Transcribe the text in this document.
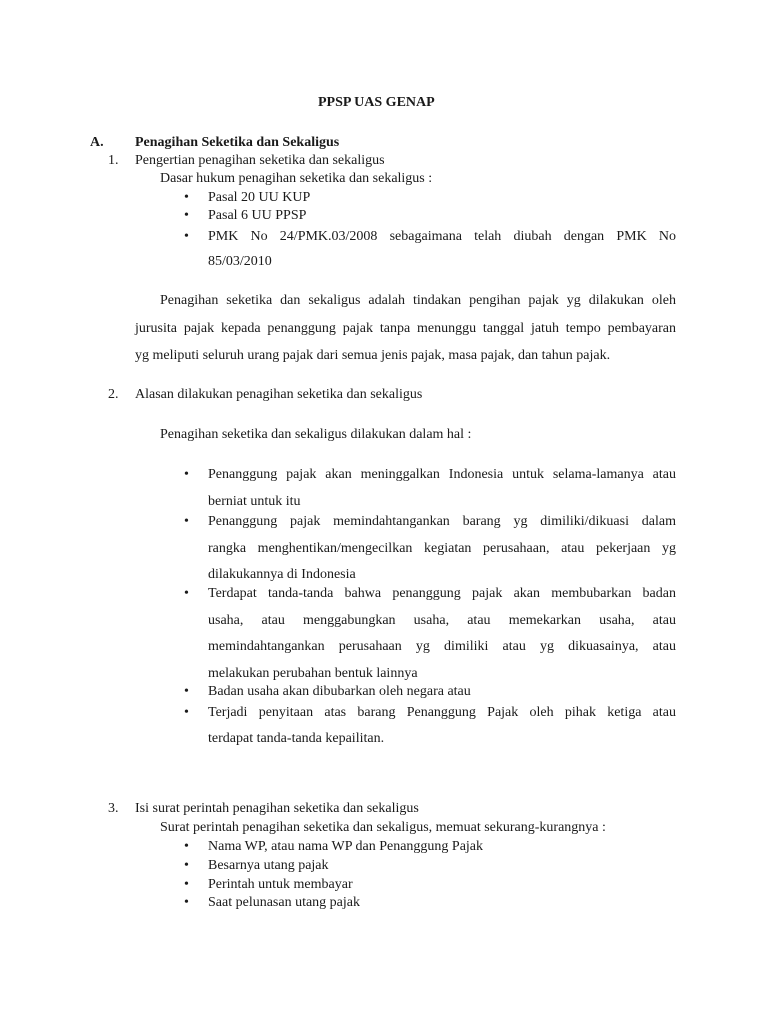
PPSP UAS GENAP
A. Penagihan Seketika dan Sekaligus
1. Pengertian penagihan seketika dan sekaligus
Dasar hukum penagihan seketika dan sekaligus :
• Pasal 20 UU KUP
• Pasal 6 UU PPSP
• PMK No 24/PMK.03/2008 sebagaimana telah diubah dengan PMK No
85/03/2010
Penagihan seketika dan sekaligus adalah tindakan pengihan pajak yg dilakukan oleh
jurusita pajak kepada penanggung pajak tanpa menunggu tanggal jatuh tempo pembayaran
yg meliputi seluruh urang pajak dari semua jenis pajak, masa pajak, dan tahun pajak.
2. Alasan dilakukan penagihan seketika dan sekaligus
Penagihan seketika dan sekaligus dilakukan dalam hal :
• Penanggung pajak akan meninggalkan Indonesia untuk selama-lamanya atau
berniat untuk itu
• Penanggung pajak memindahtangankan barang yg dimiliki/dikuasi dalam
rangka menghentikan/mengecilkan kegiatan perusahaan, atau pekerjaan yg
dilakukannya di Indonesia
• Terdapat tanda-tanda bahwa penanggung pajak akan membubarkan badan
usaha, atau menggabungkan usaha, atau memekarkan usaha, atau
memindahtangankan perusahaan yg dimiliki atau yg dikuasainya, atau
melakukan perubahan bentuk lainnya
• Badan usaha akan dibubarkan oleh negara atau
• Terjadi penyitaan atas barang Penanggung Pajak oleh pihak ketiga atau
terdapat tanda-tanda kepailitan.
3. Isi surat perintah penagihan seketika dan sekaligus
Surat perintah penagihan seketika dan sekaligus, memuat sekurang-kurangnya :
• Nama WP, atau nama WP dan Penanggung Pajak
• Besarnya utang pajak
• Perintah untuk membayar
• Saat pelunasan utang pajak
